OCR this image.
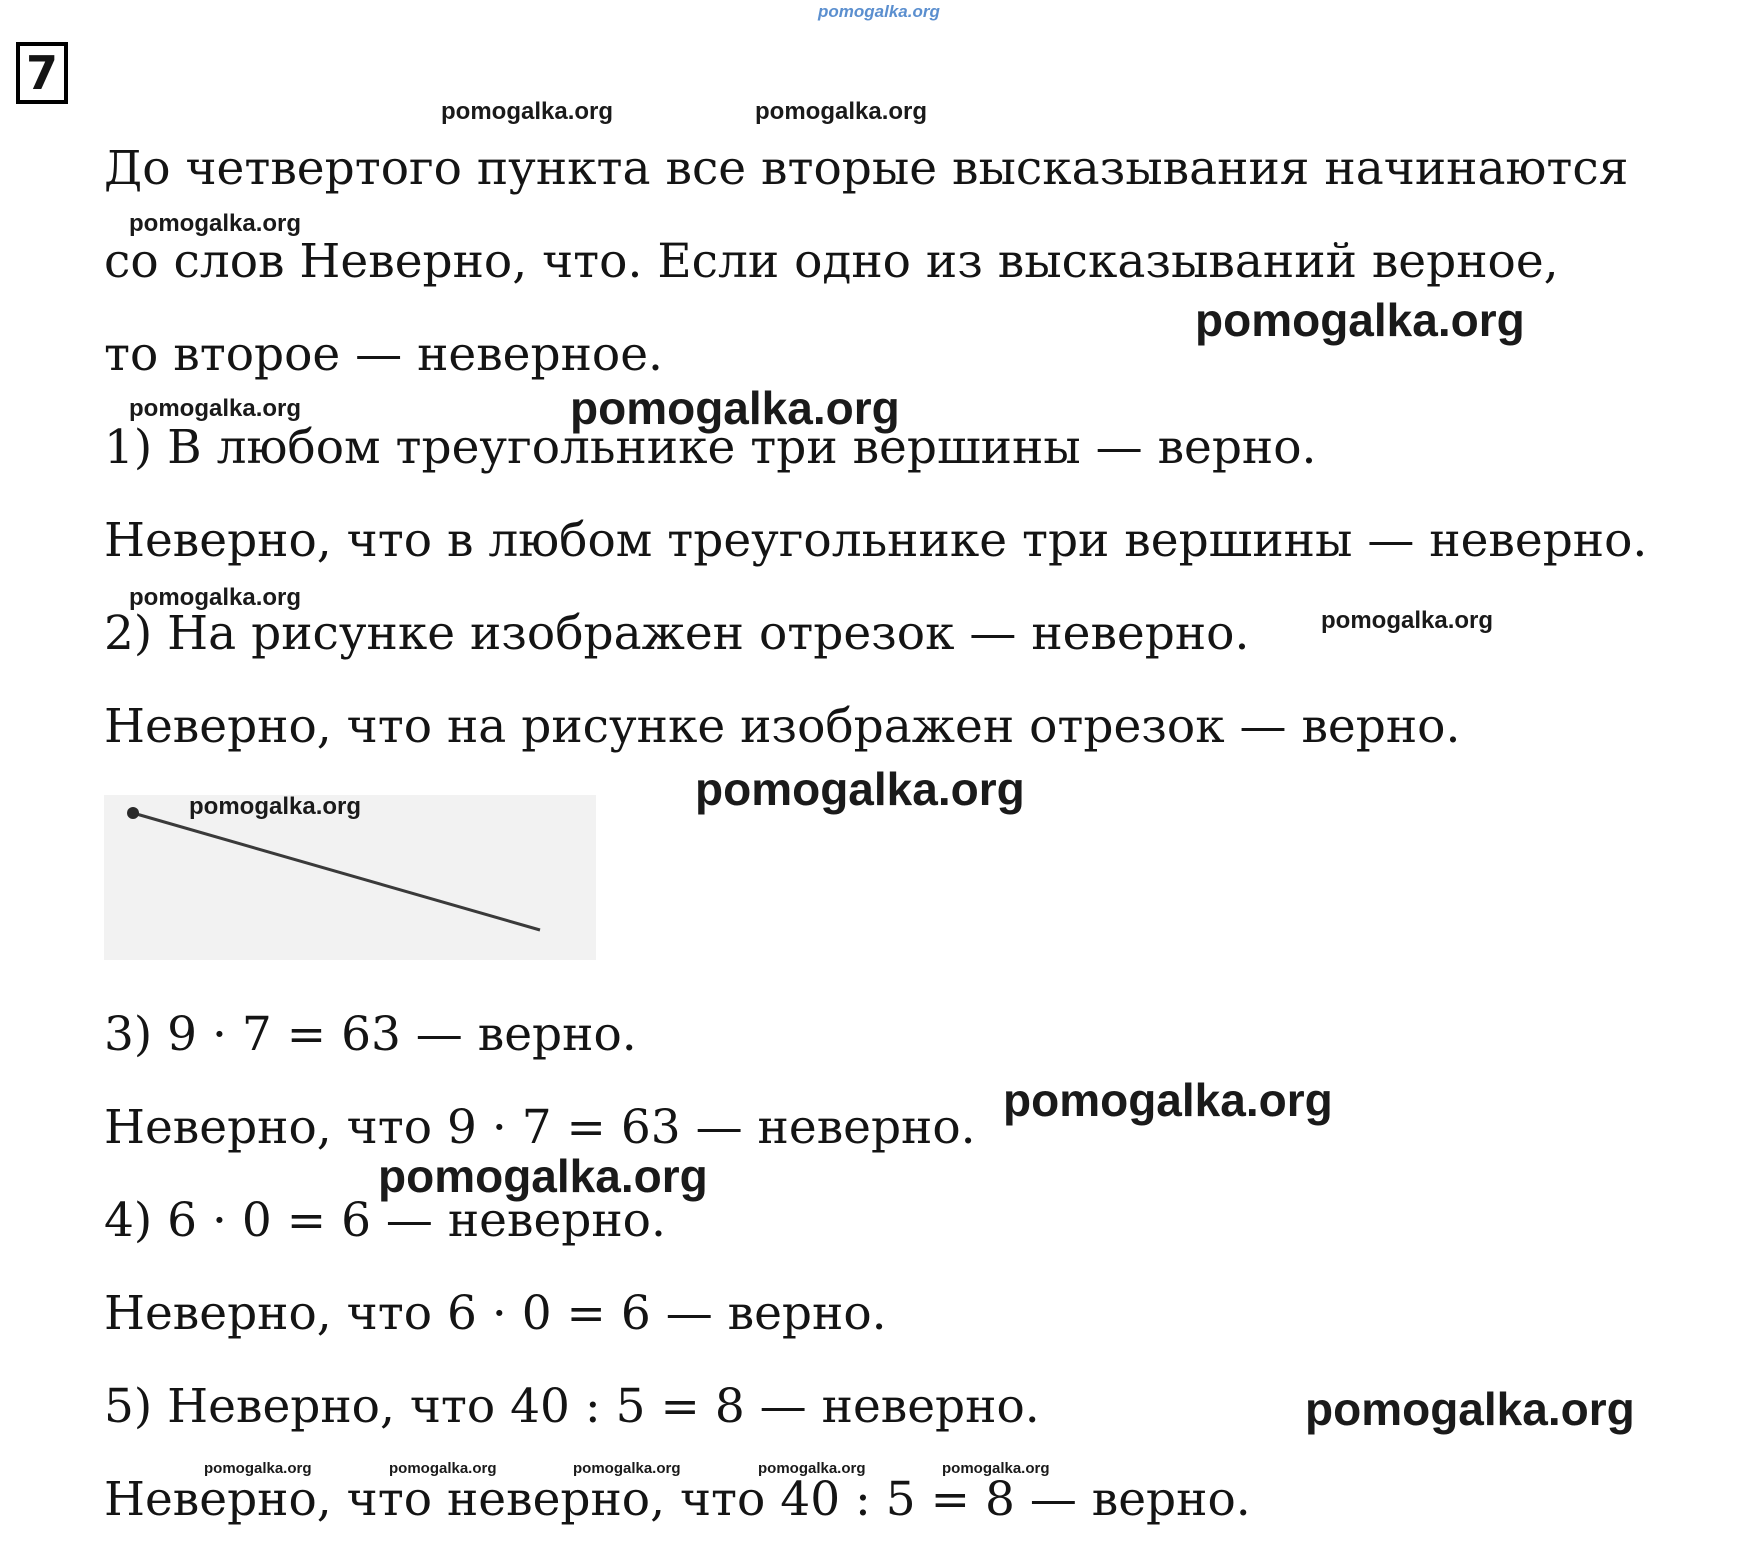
7
До четвертого пункта все вторые высказывания начинаются
со слов Неверно, что. Если одно из высказываний верное,
то второе — неверное.
1) В любом треугольнике три вершины — верно.
Неверно, что в любом треугольнике три вершины — неверно.
2) На рисунке изображен отрезок — неверно.
Неверно, что на рисунке изображен отрезок — верно.
3) 9 · 7 = 63 — верно.
Неверно, что 9 · 7 = 63 — неверно.
4) 6 · 0 = 6 — неверно.
Неверно, что 6 · 0 = 6 — верно.
5) Неверно, что 40 : 5 = 8 — неверно.
Неверно, что неверно, что 40 : 5 = 8 — верно.
pomogalka.org
pomogalka.org	pomogalka.org
pomogalka.org
pomogalka.org
pomogalka.org	pomogalka.org
pomogalka.org
pomogalka.org
pomogalka.org
pomogalka.org
pomogalka.org
pomogalka.org
pomogalka.org
pomogalka.org	pomogalka.org	pomogalka.org	pomogalka.org	pomogalka.org
